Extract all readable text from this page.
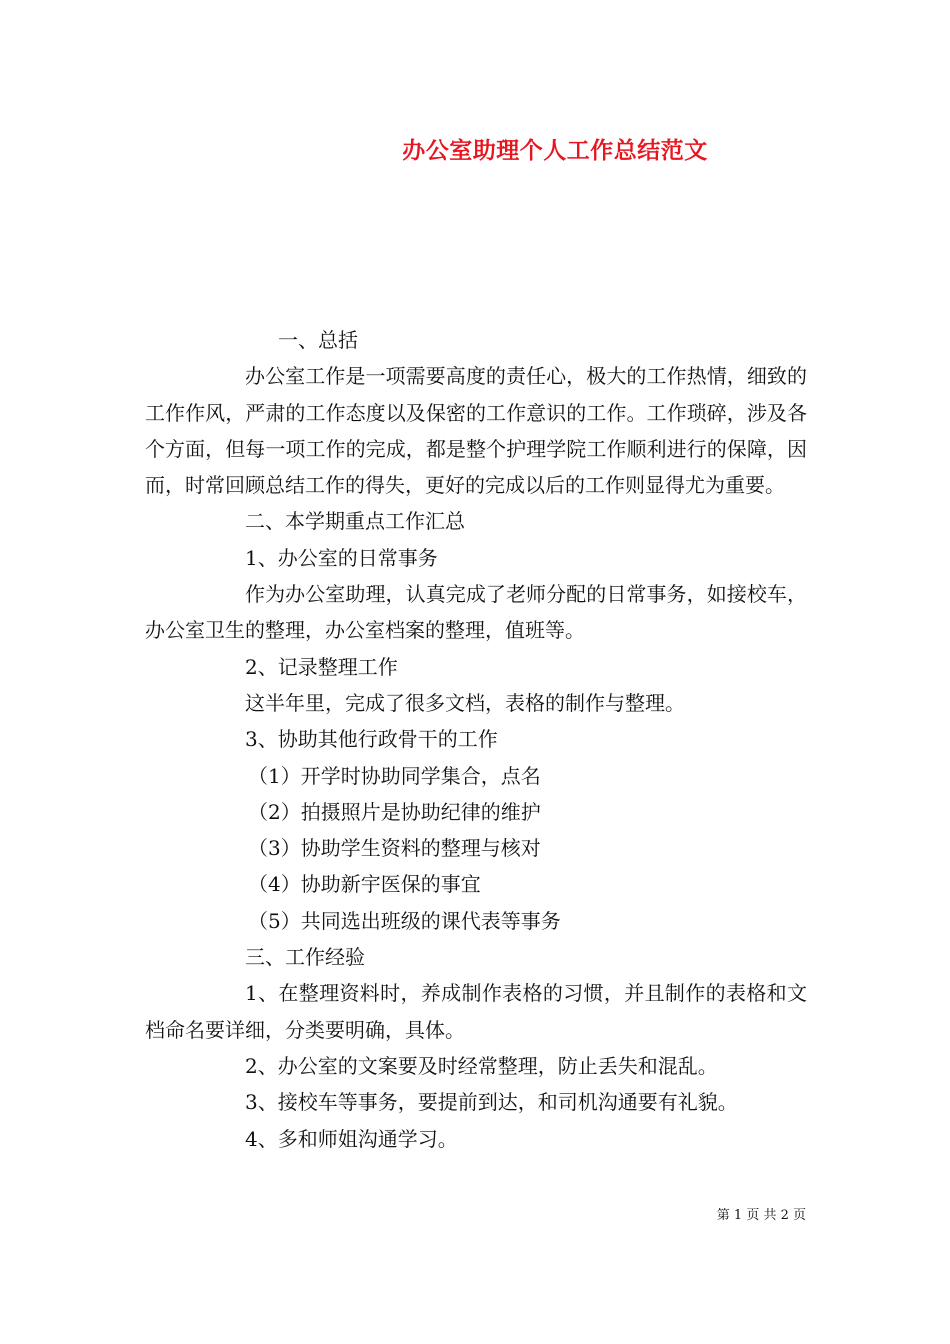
办公室助理个人工作总结范文

一、总括

办公室工作是一项需要高度的责任心，极大的工作热情，细致的工作作风，严肃的工作态度以及保密的工作意识的工作。工作琐碎，涉及各个方面，但每一项工作的完成，都是整个护理学院工作顺利进行的保障，因而，时常回顾总结工作的得失，更好的完成以后的工作则显得尤为重要。

二、本学期重点工作汇总

1、办公室的日常事务

作为办公室助理，认真完成了老师分配的日常事务，如接校车，办公室卫生的整理，办公室档案的整理，值班等。

2、记录整理工作

这半年里，完成了很多文档，表格的制作与整理。

3、协助其他行政骨干的工作

（1）开学时协助同学集合，点名

（2）拍摄照片是协助纪律的维护

（3）协助学生资料的整理与核对

（4）协助新宇医保的事宜

（5）共同选出班级的课代表等事务

三、工作经验

1、在整理资料时，养成制作表格的习惯，并且制作的表格和文档命名要详细，分类要明确，具体。

2、办公室的文案要及时经常整理，防止丢失和混乱。

3、接校车等事务，要提前到达，和司机沟通要有礼貌。

4、多和师姐沟通学习。

第 1 页 共 2 页
